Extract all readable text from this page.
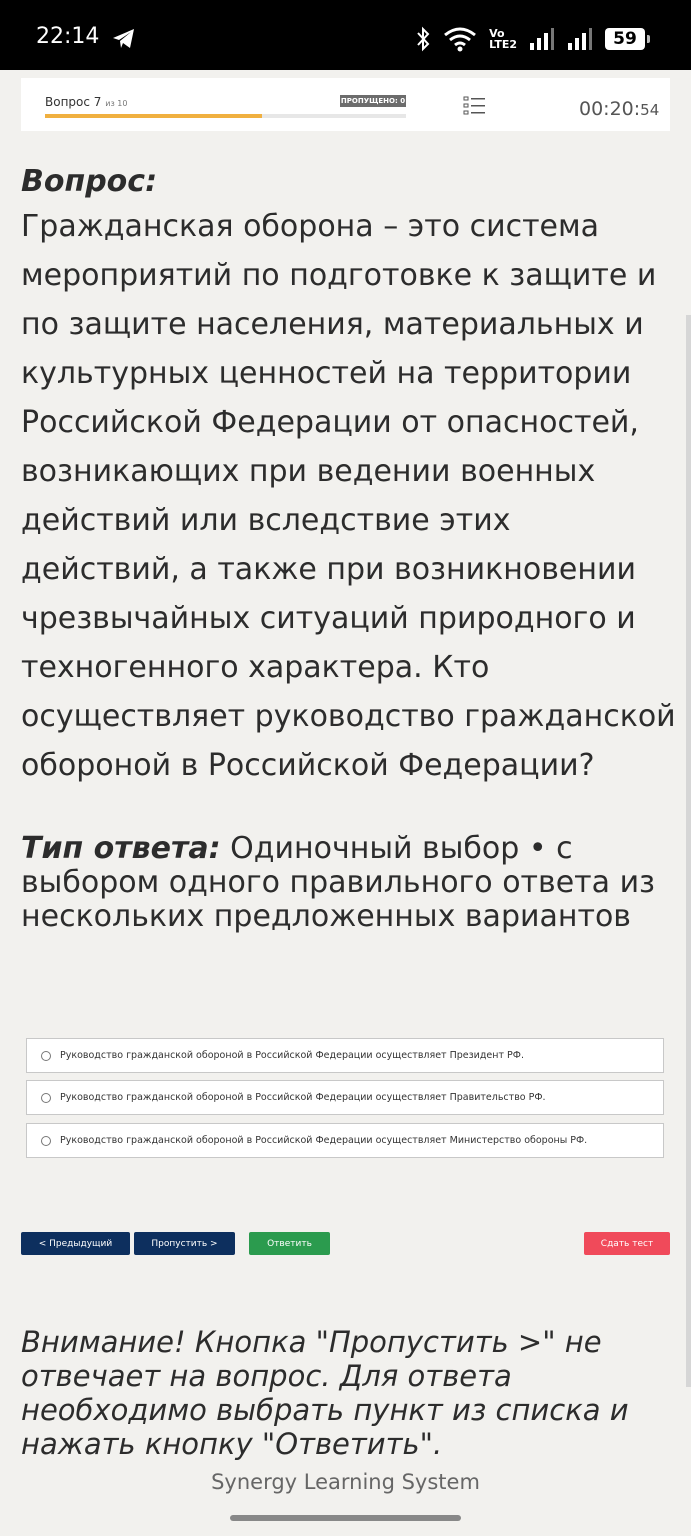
22:14	Vo
LTE2	59
Вопрос 7 из 10	ПРОПУЩЕНО: 0	00:20:54
Вопрос:
Гражданская оборона – это система мероприятий по подготовке к защите и по защите населения, материальных и культурных ценностей на территории Российской Федерации от опасностей, возникающих при ведении военных действий или вследствие этих действий, а также при возникновении чрезвычайных ситуаций природного и техногенного характера. Кто осуществляет руководство гражданской обороной в Российской Федерации?
Тип ответа: Одиночный выбор • с выбором одного правильного ответа из нескольких предложенных вариантов
Руководство гражданской обороной в Российской Федерации осуществляет Президент РФ.
Руководство гражданской обороной в Российской Федерации осуществляет Правительство РФ.
Руководство гражданской обороной в Российской Федерации осуществляет Министерство обороны РФ.
< Предыдущий	Пропустить >	Ответить	Сдать тест
Внимание! Кнопка "Пропустить >" не отвечает на вопрос. Для ответа необходимо выбрать пункт из списка и нажать кнопку "Ответить".
Synergy Learning System
